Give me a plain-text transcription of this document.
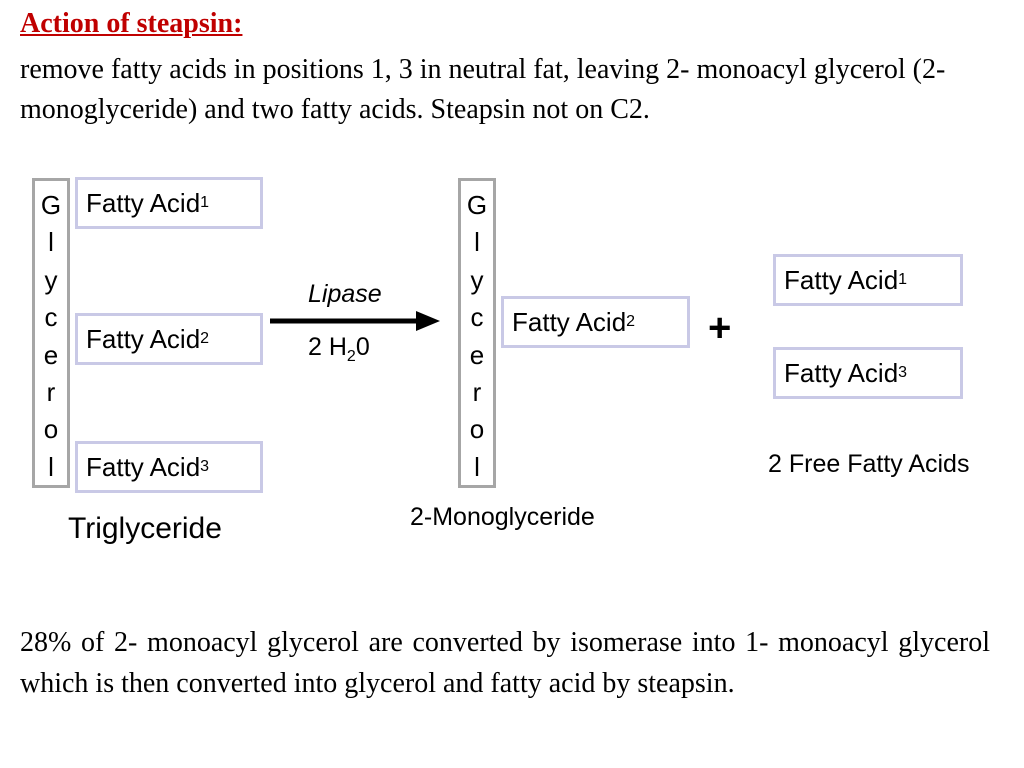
Action of steapsin:

remove fatty acids in positions 1, 3 in neutral fat, leaving 2- monoacyl glycerol (2- monoglyceride) and two fatty acids. Steapsin not on C2.

G
l
y
c
e
r
o
l
Fatty Acid 1
Fatty Acid 2
Fatty Acid 3
Triglyceride
Lipase
2 $H_20$
G
l
y
c
e
r
o
l
Fatty Acid 2
2-Monoglyceride
+
Fatty Acid 1
Fatty Acid 3
2 Free Fatty Acids

28% of 2- monoacyl glycerol are converted by isomerase into 1- monoacyl glycerol which is then converted into glycerol and fatty acid by steapsin.
